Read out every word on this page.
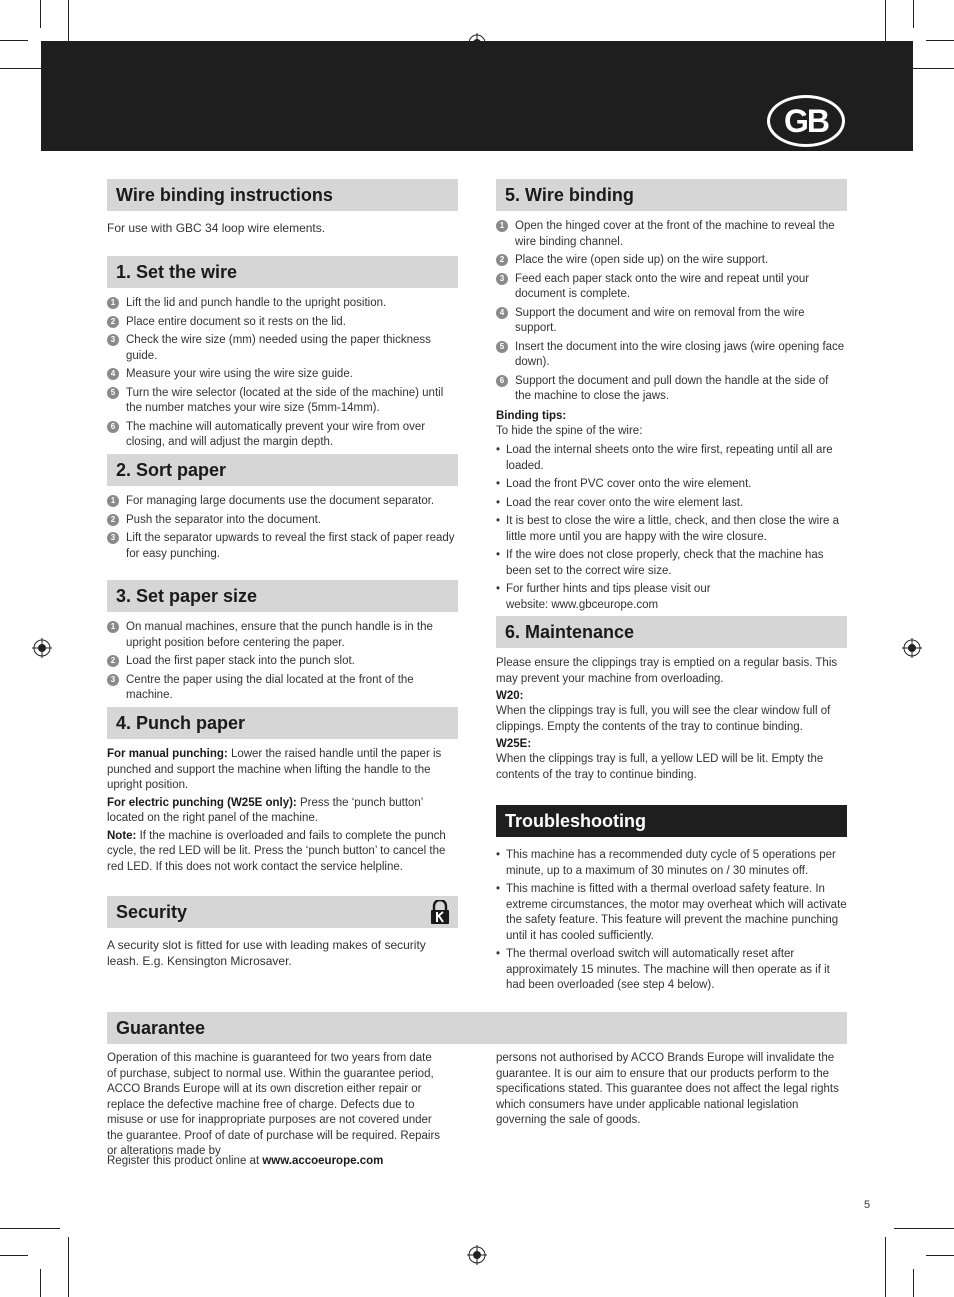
GB
Wire binding instructions

For use with GBC 34 loop wire elements.

1. Set the wire
1 Lift the lid and punch handle to the upright position.
2 Place entire document so it rests on the lid.
3 Check the wire size (mm) needed using the paper thickness guide.
4 Measure your wire using the wire size guide.
5 Turn the wire selector (located at the side of the machine) until the number matches your wire size (5mm-14mm).
6 The machine will automatically prevent your wire from over closing, and will adjust the margin depth.
2. Sort paper
1 For managing large documents use the document separator.
2 Push the separator into the document.
3 Lift the separator upwards to reveal the first stack of paper ready for easy punching.
3. Set paper size
1 On manual machines, ensure that the punch handle is in the upright position before centering the paper.
2 Load the first paper stack into the punch slot.
3 Centre the paper using the dial located at the front of the machine.
4. Punch paper

For manual punching: Lower the raised handle until the paper is punched and support the machine when lifting the handle to the upright position.

For electric punching (W25E only): Press the ‘punch button’ located on the right panel of the machine.

Note: If the machine is overloaded and fails to complete the punch cycle, the red LED will be lit. Press the ‘punch button’ to cancel the red LED. If this does not work contact the service helpline.

Security

A security slot is fitted for use with leading makes of security leash. E.g. Kensington Microsaver.

5. Wire binding
1 Open the hinged cover at the front of the machine to reveal the wire binding channel.
2 Place the wire (open side up) on the wire support.
3 Feed each paper stack onto the wire and repeat until your document is complete.
4 Support the document and wire on removal from the wire support.
5 Insert the document into the wire closing jaws (wire opening face down).
6 Support the document and pull down the handle at the side of the machine to close the jaws.

Binding tips:

To hide the spine of the wire:

• Load the internal sheets onto the wire first, repeating until all are loaded.
• Load the front PVC cover onto the wire element.
• Load the rear cover onto the wire element last.
• It is best to close the wire a little, check, and then close the wire a little more until you are happy with the wire closure.
• If the wire does not close properly, check that the machine has been set to the correct wire size.
• For further hints and tips please visit our website: www.gbceurope.com
6. Maintenance

Please ensure the clippings tray is emptied on a regular basis. This may prevent your machine from overloading.

W20:

When the clippings tray is full, you will see the clear window full of clippings. Empty the contents of the tray to continue binding.

W25E:

When the clippings tray is full, a yellow LED will be lit. Empty the contents of the tray to continue binding.

Troubleshooting
• This machine has a recommended duty cycle of 5 operations per minute, up to a maximum of 30 minutes on / 30 minutes off.
• This machine is fitted with a thermal overload safety feature. In extreme circumstances, the motor may overheat which will activate the safety feature. This feature will prevent the machine punching until it has cooled sufficiently.
• The thermal overload switch will automatically reset after approximately 15 minutes. The machine will then operate as if it had been overloaded (see step 4 below).
Guarantee

Operation of this machine is guaranteed for two years from date of purchase, subject to normal use. Within the guarantee period, ACCO Brands Europe will at its own discretion either repair or replace the defective machine free of charge. Defects due to misuse or use for inappropriate purposes are not covered under the guarantee. Proof of date of purchase will be required. Repairs or alterations made by

persons not authorised by ACCO Brands Europe will invalidate the guarantee. It is our aim to ensure that our products perform to the specifications stated. This guarantee does not affect the legal rights which consumers have under applicable national legislation governing the sale of goods.

Register this product online at www.accoeurope.com

5
